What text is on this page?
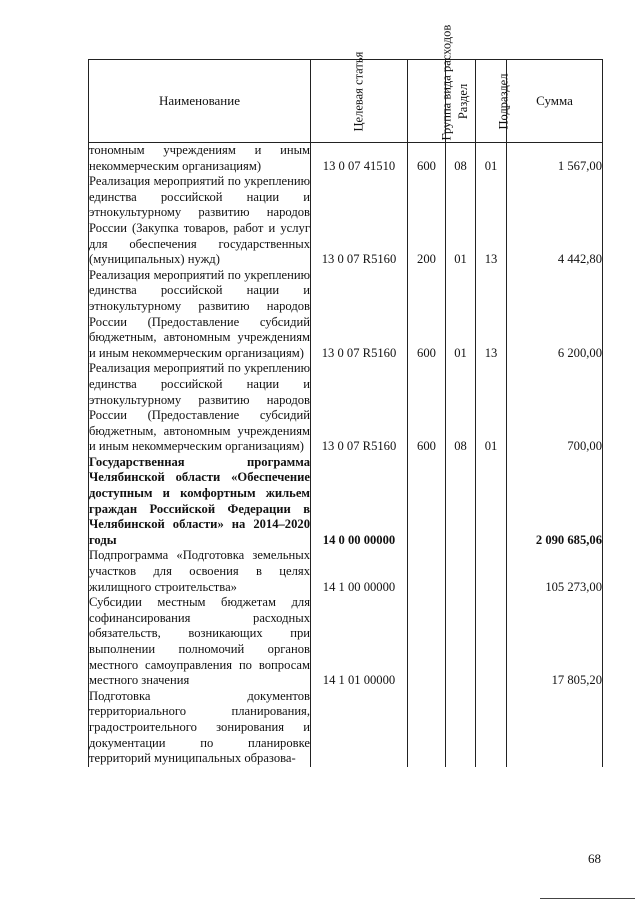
Наименование	Целевая статья	Группа вида расходов	Раздел	Подраздел	Сумма

тономным учреждениям и иным некоммерческим организациям)	13 0 07 41510	600	08	01	1 567,00

Реализация мероприятий по укреплению единства российской нации и этнокультурному развитию народов России (Закупка товаров, работ и услуг для обеспечения государственных (муниципальных) нужд)	13 0 07 R5160	200	01	13	4 442,80

Реализация мероприятий по укреплению единства российской нации и этнокультурному развитию народов России (Предоставление субсидий бюджетным, автономным учреждениям и иным некоммерческим организациям)	13 0 07 R5160	600	01	13	6 200,00

Реализация мероприятий по укреплению единства российской нации и этнокультурному развитию народов России (Предоставление субсидий бюджетным, автономным учреждениям и иным некоммерческим организациям)	13 0 07 R5160	600	08	01	700,00

Государственная программа Челябинской области «Обеспечение доступным и комфортным жильем граждан Российской Федерации в Челябинской области» на 2014–2020 годы	14 0 00 00000				2 090 685,06

Подпрограмма «Подготовка земельных участков для освоения в целях жилищного строительства»	14 1 00 00000				105 273,00

Субсидии местным бюджетам для софинансирования расходных обязательств, возникающих при выполнении полномочий органов местного самоуправления по вопросам местного значения	14 1 01 00000				17 805,20

Подготовка документов территориального планирования, градостроительного зонирования и документации по планировке территорий муниципальных образова-					

68
